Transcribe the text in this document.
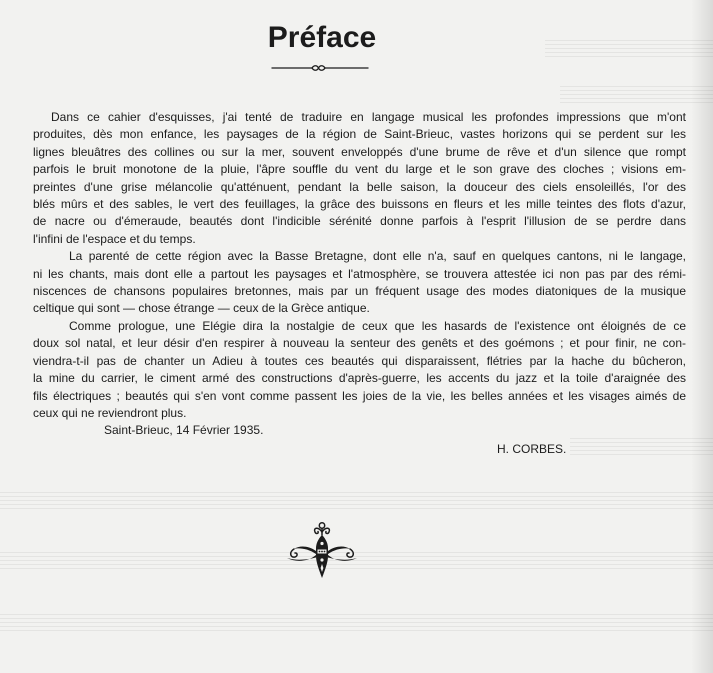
Préface
Dans ce cahier d'esquisses, j'ai tenté de traduire en langage musical les profondes impressions que m'ont
produites, dès mon enfance, les paysages de la région de Saint-Brieuc, vastes horizons qui se perdent sur les
lignes bleuâtres des collines ou sur la mer, souvent enveloppés d'une brume de rêve et d'un silence que rompt
parfois le bruit monotone de la pluie, l'âpre souffle du vent du large et le son grave des cloches ; visions em-
preintes d'une grise mélancolie qu'atténuent, pendant la belle saison, la douceur des ciels ensoleillés, l'or des
blés mûrs et des sables, le vert des feuillages, la grâce des buissons en fleurs et les mille teintes des flots d'azur,
de nacre ou d'émeraude, beautés dont l'indicible sérénité donne parfois à l'esprit l'illusion de se perdre dans
l'infini de l'espace et du temps.
La parenté de cette région avec la Basse Bretagne, dont elle n'a, sauf en quelques cantons, ni le langage,
ni les chants, mais dont elle a partout les paysages et l'atmosphère, se trouvera attestée ici non pas par des rémi-
niscences de chansons populaires bretonnes, mais par un fréquent usage des modes diatoniques de la musique
celtique qui sont — chose étrange — ceux de la Grèce antique.
Comme prologue, une Elégie dira la nostalgie de ceux que les hasards de l'existence ont éloignés de ce
doux sol natal, et leur désir d'en respirer à nouveau la senteur des genêts et des goémons ; et pour finir, ne con-
viendra-t-il pas de chanter un Adieu à toutes ces beautés qui disparaissent, flétries par la hache du bûcheron,
la mine du carrier, le ciment armé des constructions d'après-guerre, les accents du jazz et la toile d'araignée des
fils électriques ; beautés qui s'en vont comme passent les joies de la vie, les belles années et les visages aimés de
ceux qui ne reviendront plus.
Saint-Brieuc, 14 Février 1935.
H. CORBES.
